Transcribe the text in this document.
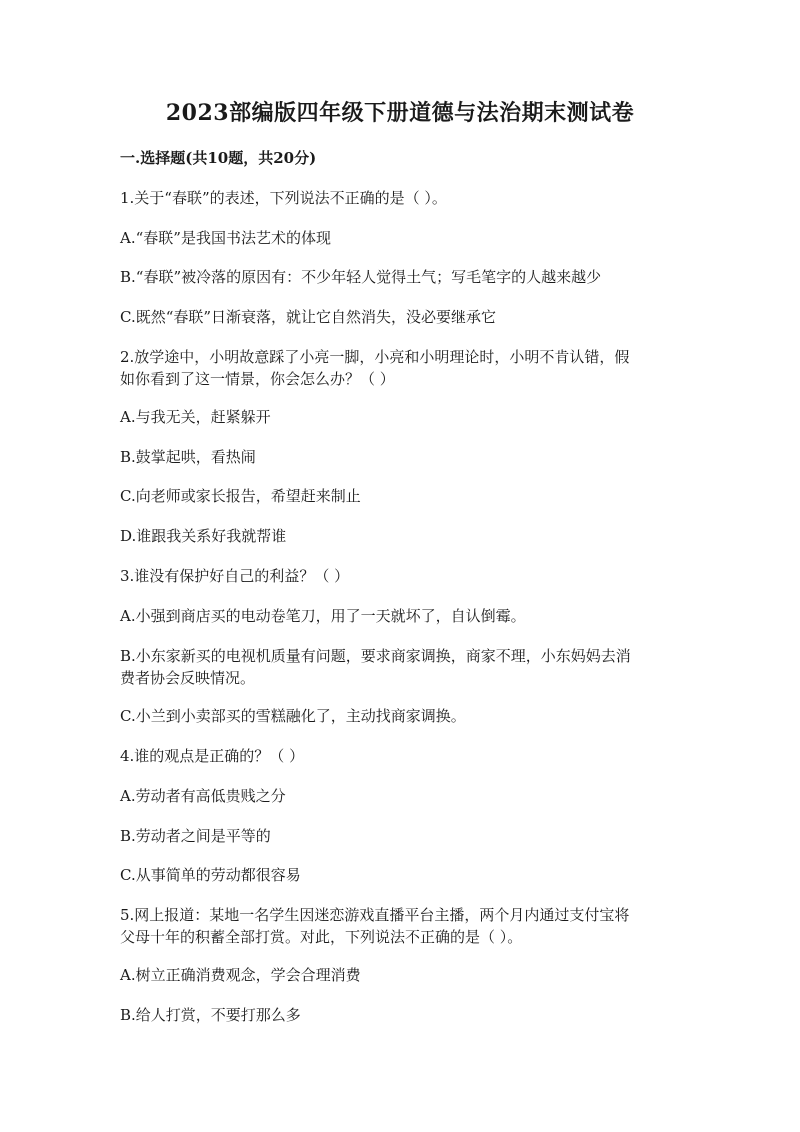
2023部编版四年级下册道德与法治期末测试卷
一.选择题(共10题，共20分)
1.关于“春联”的表述，下列说法不正确的是（ ）。
A.“春联”是我国书法艺术的体现
B.“春联”被冷落的原因有：不少年轻人觉得土气；写毛笔字的人越来越少
C.既然“春联”日渐衰落，就让它自然消失，没必要继承它
2.放学途中，小明故意踩了小亮一脚，小亮和小明理论时，小明不肯认错，假
如你看到了这一情景，你会怎么办？（ ）
A.与我无关，赶紧躲开
B.鼓掌起哄，看热闹
C.向老师或家长报告，希望赶来制止
D.谁跟我关系好我就帮谁
3.谁没有保护好自己的利益？（ ）
A.小强到商店买的电动卷笔刀，用了一天就坏了，自认倒霉。
B.小东家新买的电视机质量有问题，要求商家调换，商家不理，小东妈妈去消
费者协会反映情况。
C.小兰到小卖部买的雪糕融化了，主动找商家调换。
4.谁的观点是正确的？（ ）
A.劳动者有高低贵贱之分
B.劳动者之间是平等的
C.从事简单的劳动都很容易
5.网上报道：某地一名学生因迷恋游戏直播平台主播，两个月内通过支付宝将
父母十年的积蓄全部打赏。对此，下列说法不正确的是（ ）。
A.树立正确消费观念，学会合理消费
B.给人打赏，不要打那么多
